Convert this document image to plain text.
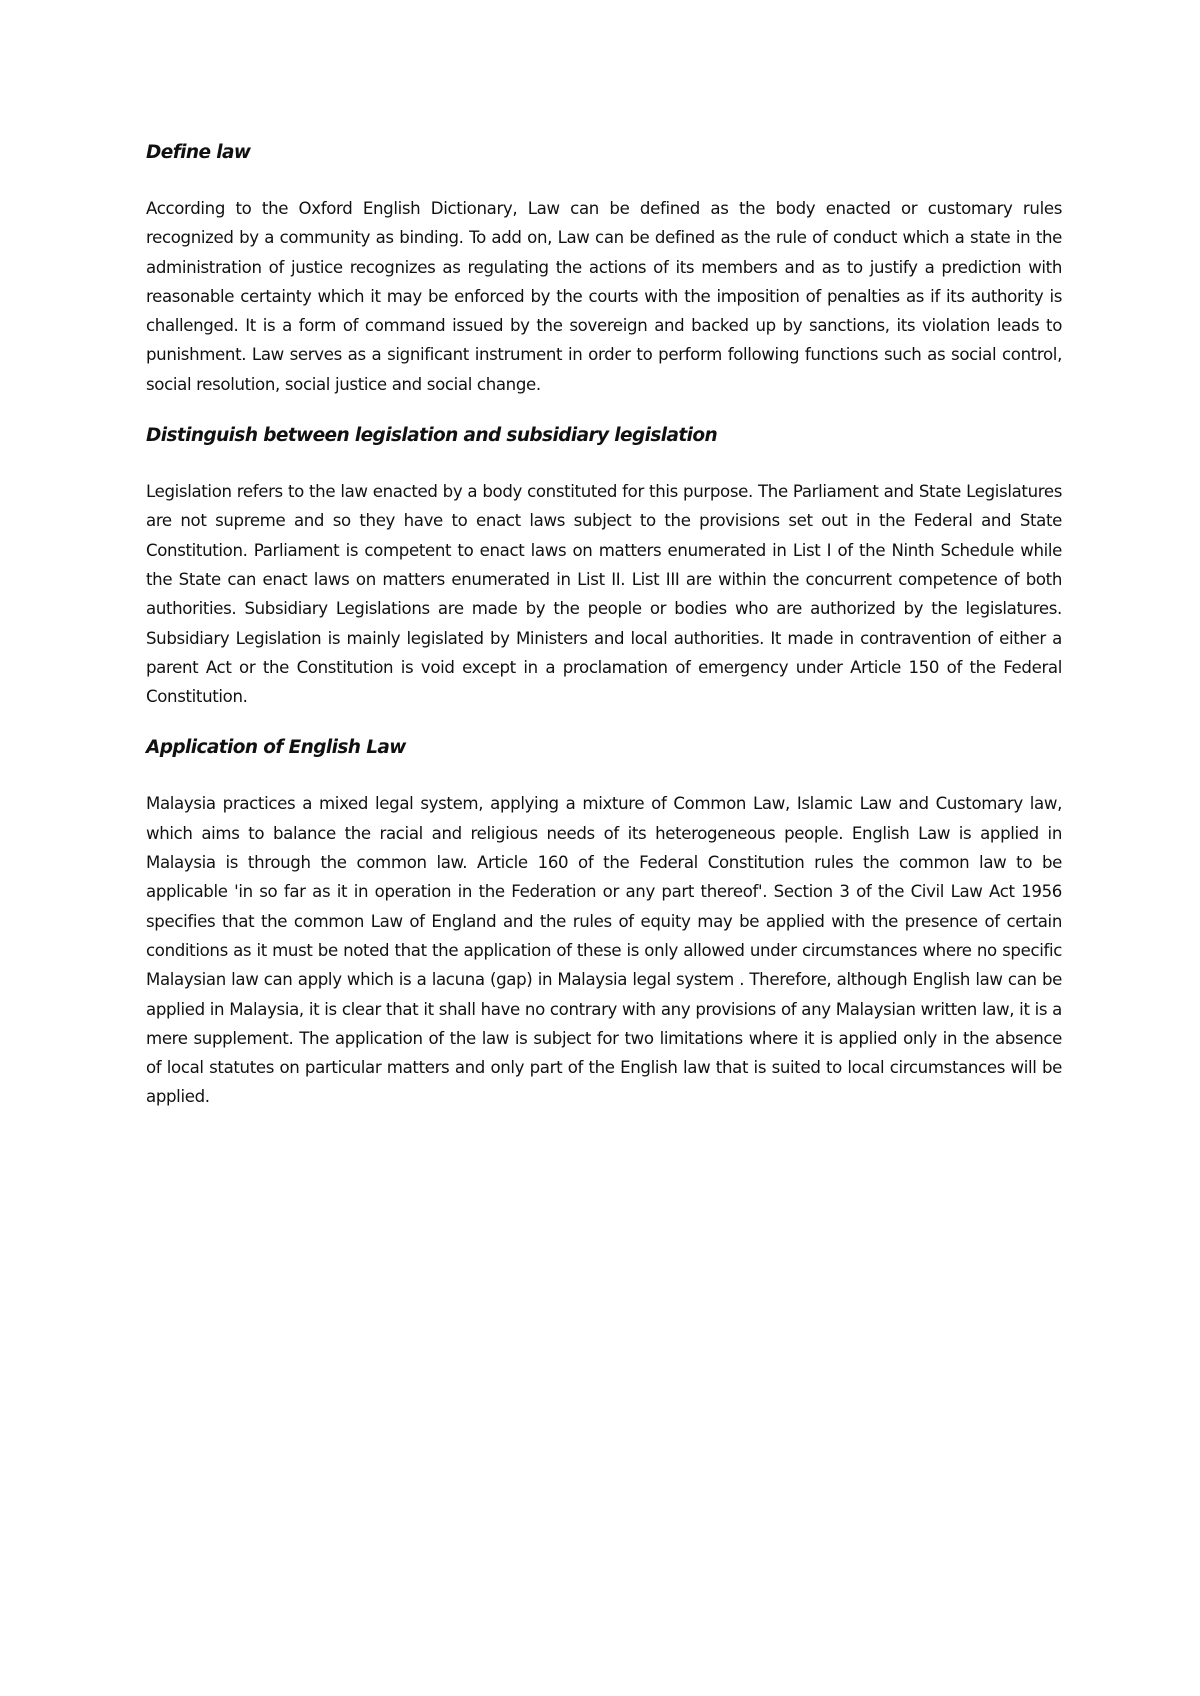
Define law

According to the Oxford English Dictionary, Law can be defined as the body enacted or customary rules recognized by a community as binding. To add on, Law can be defined as the rule of conduct which a state in the administration of justice recognizes as regulating the actions of its members and as to justify a prediction with reasonable certainty which it may be enforced by the courts with the imposition of penalties as if its authority is challenged. It is a form of command issued by the sovereign and backed up by sanctions, its violation leads to punishment. Law serves as a significant instrument in order to perform following functions such as social control, social resolution, social justice and social change.

Distinguish between legislation and subsidiary legislation

Legislation refers to the law enacted by a body constituted for this purpose. The Parliament and State Legislatures are not supreme and so they have to enact laws subject to the provisions set out in the Federal and State Constitution. Parliament is competent to enact laws on matters enumerated in List I of the Ninth Schedule while the State can enact laws on matters enumerated in List II. List III are within the concurrent competence of both authorities. Subsidiary Legislations are made by the people or bodies who are authorized by the legislatures. Subsidiary Legislation is mainly legislated by Ministers and local authorities. It made in contravention of either a parent Act or the Constitution is void except in a proclamation of emergency under Article 150 of the Federal Constitution.

Application of English Law

Malaysia practices a mixed legal system, applying a mixture of Common Law, Islamic Law and Customary law, which aims to balance the racial and religious needs of its heterogeneous people. English Law is applied in Malaysia is through the common law. Article 160 of the Federal Constitution rules the common law to be applicable 'in so far as it in operation in the Federation or any part thereof'. Section 3 of the Civil Law Act 1956 specifies that the common Law of England and the rules of equity may be applied with the presence of certain conditions as it must be noted that the application of these is only allowed under circumstances where no specific Malaysian law can apply which is a lacuna (gap) in Malaysia legal system . Therefore, although English law can be applied in Malaysia, it is clear that it shall have no contrary with any provisions of any Malaysian written law, it is a mere supplement. The application of the law is subject for two limitations where it is applied only in the absence of local statutes on particular matters and only part of the English law that is suited to local circumstances will be applied.
